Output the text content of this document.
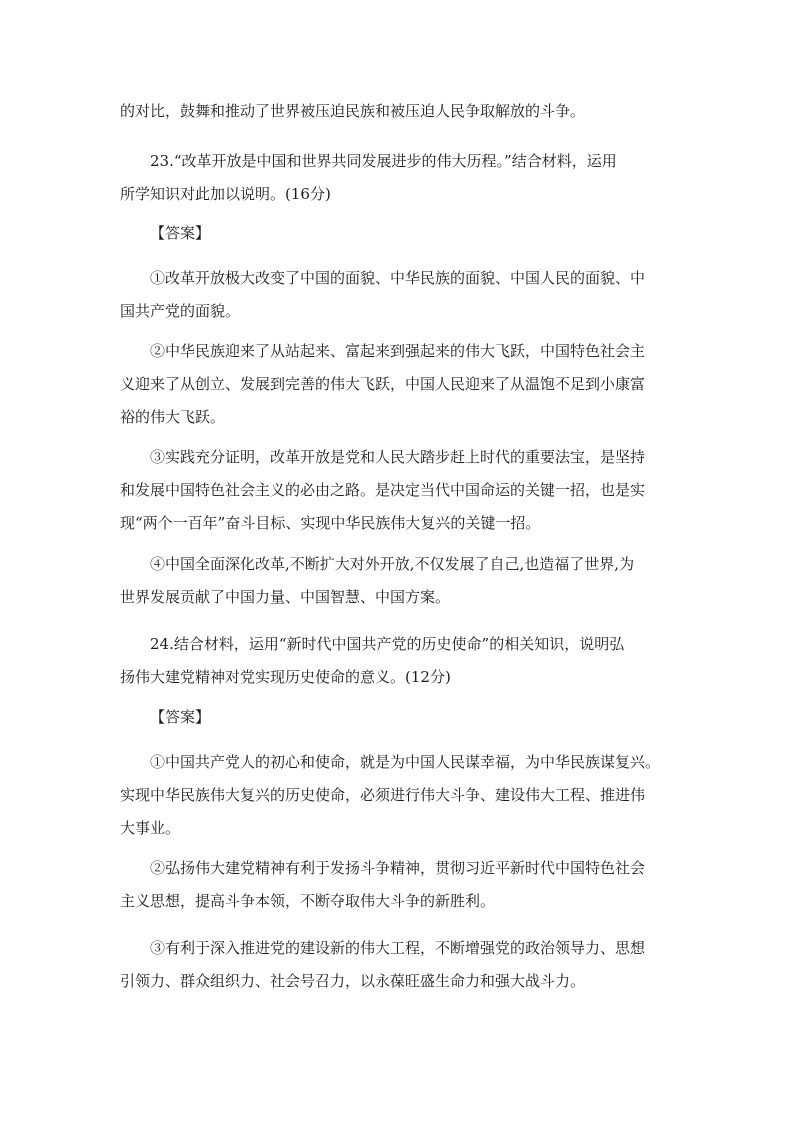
的对比，鼓舞和推动了世界被压迫民族和被压迫人民争取解放的斗争。

23.“改革开放是中国和世界共同发展进步的伟大历程。”结合材料，运用
所学知识对此加以说明。(16分)

【答案】

①改革开放极大改变了中国的面貌、中华民族的面貌、中国人民的面貌、中
国共产党的面貌。

②中华民族迎来了从站起来、富起来到强起来的伟大飞跃，中国特色社会主
义迎来了从创立、发展到完善的伟大飞跃，中国人民迎来了从温饱不足到小康富
裕的伟大飞跃。

③实践充分证明，改革开放是党和人民大踏步赶上时代的重要法宝，是坚持
和发展中国特色社会主义的必由之路。是决定当代中国命运的关键一招，也是实
现“两个一百年”奋斗目标、实现中华民族伟大复兴的关键一招。

④中国全面深化改革,不断扩大对外开放,不仅发展了自己,也造福了世界,为
世界发展贡献了中国力量、中国智慧、中国方案。

24.结合材料，运用“新时代中国共产党的历史使命”的相关知识，说明弘
扬伟大建党精神对党实现历史使命的意义。(12分)

【答案】

①中国共产党人的初心和使命，就是为中国人民谋幸福，为中华民族谋复兴。
实现中华民族伟大复兴的历史使命，必须进行伟大斗争、建设伟大工程、推进伟
大事业。

②弘扬伟大建党精神有利于发扬斗争精神，贯彻习近平新时代中国特色社会
主义思想，提高斗争本领，不断夺取伟大斗争的新胜利。

③有利于深入推进党的建设新的伟大工程，不断增强党的政治领导力、思想
引领力、群众组织力、社会号召力，以永葆旺盛生命力和强大战斗力。
